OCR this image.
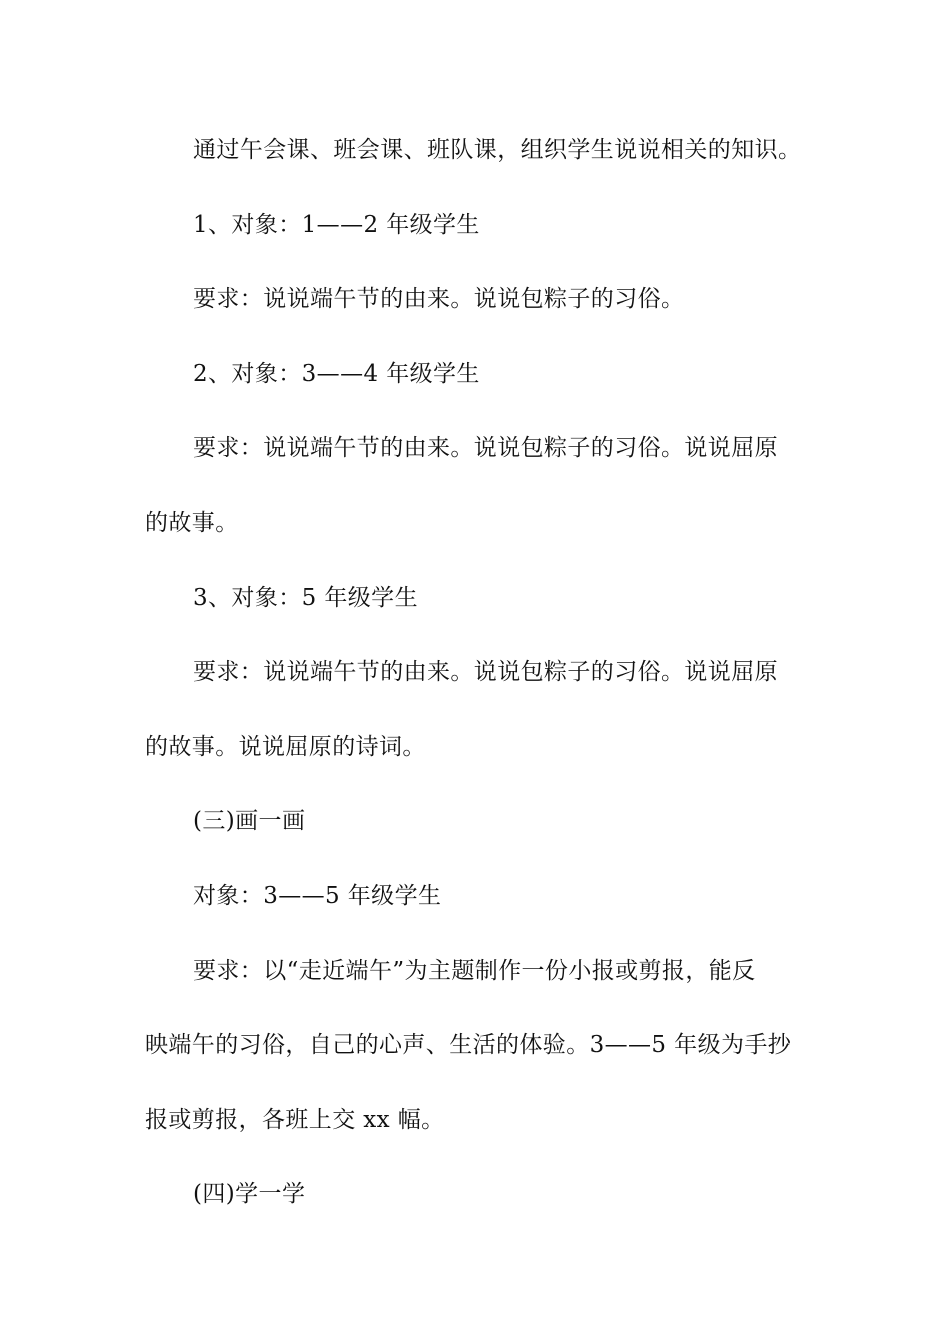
通过午会课、班会课、班队课，组织学生说说相关的知识。

1、对象：1——2 年级学生

要求：说说端午节的由来。说说包粽子的习俗。

2、对象：3——4 年级学生

要求：说说端午节的由来。说说包粽子的习俗。说说屈原

的故事。

3、对象：5 年级学生

要求：说说端午节的由来。说说包粽子的习俗。说说屈原

的故事。说说屈原的诗词。

(三)画一画

对象：3——5 年级学生

要求：以“走近端午”为主题制作一份小报或剪报，能反

映端午的习俗，自己的心声、生活的体验。3——5 年级为手抄

报或剪报，各班上交 xx 幅。

(四)学一学
